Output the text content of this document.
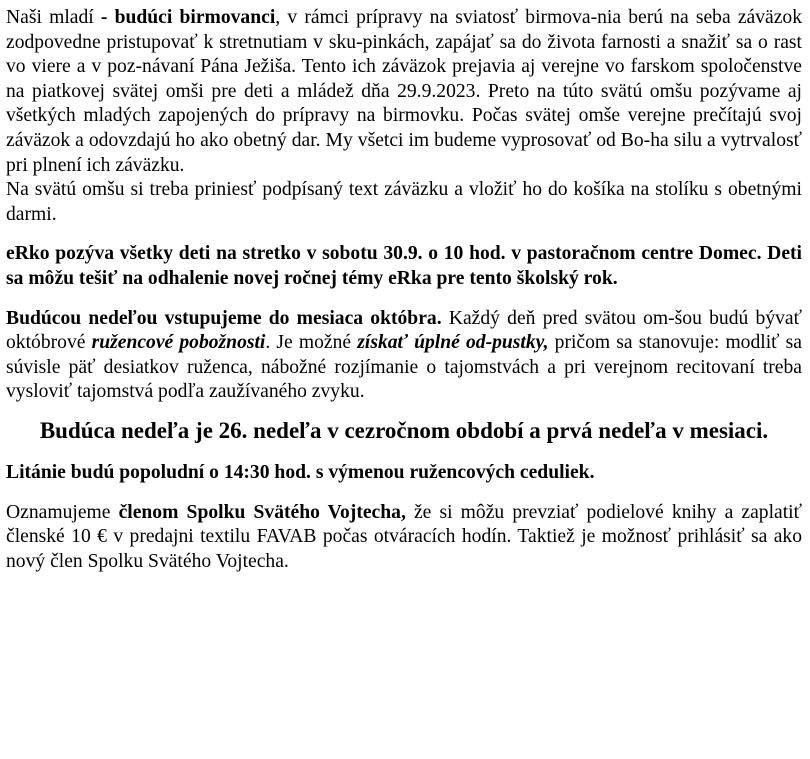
Naši mladí - budúci birmovanci, v rámci prípravy na sviatosť birmova-nia berú na seba záväzok zodpovedne pristupovať k stretnutiam v sku-pinkách, zapájať sa do života farnosti a snažiť sa o rast vo viere a v poz-návaní Pána Ježiša. Tento ich záväzok prejavia aj verejne vo farskom spoločenstve na piatkovej svätej omši pre deti a mládež dňa 29.9.2023. Preto na túto svätú omšu pozývame aj všetkých mladých zapojených do prípravy na birmovku. Počas svätej omše verejne prečítajú svoj záväzok a odovzdajú ho ako obetný dar. My všetci im budeme vyprosovať od Bo-ha silu a vytrvalosť pri plnení ich záväzku.

Na svätú omšu si treba priniesť podpísaný text záväzku a vložiť ho do košíka na stolíku s obetnými darmi.

eRko pozýva všetky deti na stretko v sobotu 30.9. o 10 hod. v pastoračnom centre Domec. Deti sa môžu tešiť na odhalenie novej ročnej témy eRka pre tento školský rok.

Budúcou nedeľou vstupujeme do mesiaca októbra. Každý deň pred svätou om-šou budú bývať októbrové ružencové pobožnosti. Je možné získať úplné od-pustky, pričom sa stanovuje: modliť sa súvisle päť desiatkov ruženca, nábožné rozjímanie o tajomstvách a pri verejnom recitovaní treba vysloviť tajomstvá podľa zaužívaného zvyku.

Budúca nedeľa je 26. nedeľa v cezročnom období a prvá nedeľa v mesiaci.

Litánie budú popoludní o 14:30 hod. s výmenou ružencových ceduliek.

Oznamujeme členom Spolku Svätého Vojtecha, že si môžu prevziať podielové knihy a zaplatiť členské 10 € v predajni textilu FAVAB počas otváracích hodín. Taktiež je možnosť prihlásiť sa ako nový člen Spolku Svätého Vojtecha.
